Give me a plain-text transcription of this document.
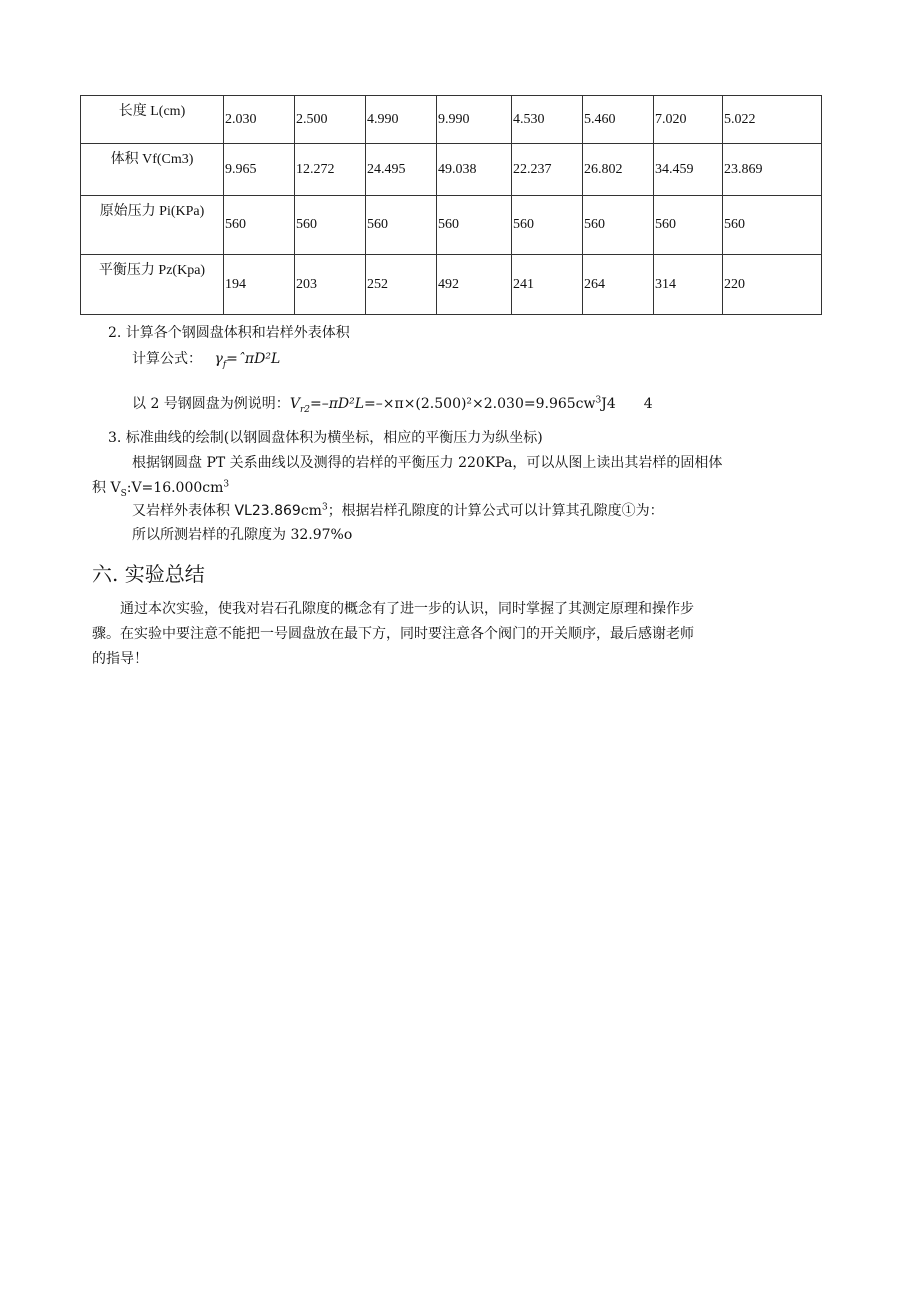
长度 L(cm)	2.030	2.500	4.990	9.990	4.530	5.460	7.020	5.022

体积 Vf(Cm3)	9.965	12.272	24.495	49.038	22.237	26.802	34.459	23.869

原始压力 Pi(KPa)	560	560	560	560	560	560	560	560

平衡压力 Pz(Kpa)	194	203	252	492	241	264	314	220
2. 计算各个钢圆盘体积和岩样外表体积
计算公式： $\gamma_f=ˆ\pi D^2L$
以 2 号钢圆盘为例说明：$V_{r2}=-\pi D^2L=-\times\pi\times(2.500)^2\times 2.030=9.965cw^3J4$ 4
3. 标准曲线的绘制(以钢圆盘体积为横坐标，相应的平衡压力为纵坐标)
根据钢圆盘 PT 关系曲线以及测得的岩样的平衡压力 220KPa，可以从图上读出其岩样的固相体
积 $V_S:V=16.000cm^3$
又岩样外表体积 $VL23.869cm^3$；根据岩样孔隙度的计算公式可以计算其孔隙度①为：
所以所测岩样的孔隙度为 32.97%o
六. 实验总结
通过本次实验，使我对岩石孔隙度的概念有了进一步的认识，同时掌握了其测定原理和操作步
骤。在实验中要注意不能把一号圆盘放在最下方，同时要注意各个阀门的开关顺序，最后感谢老师
的指导！
